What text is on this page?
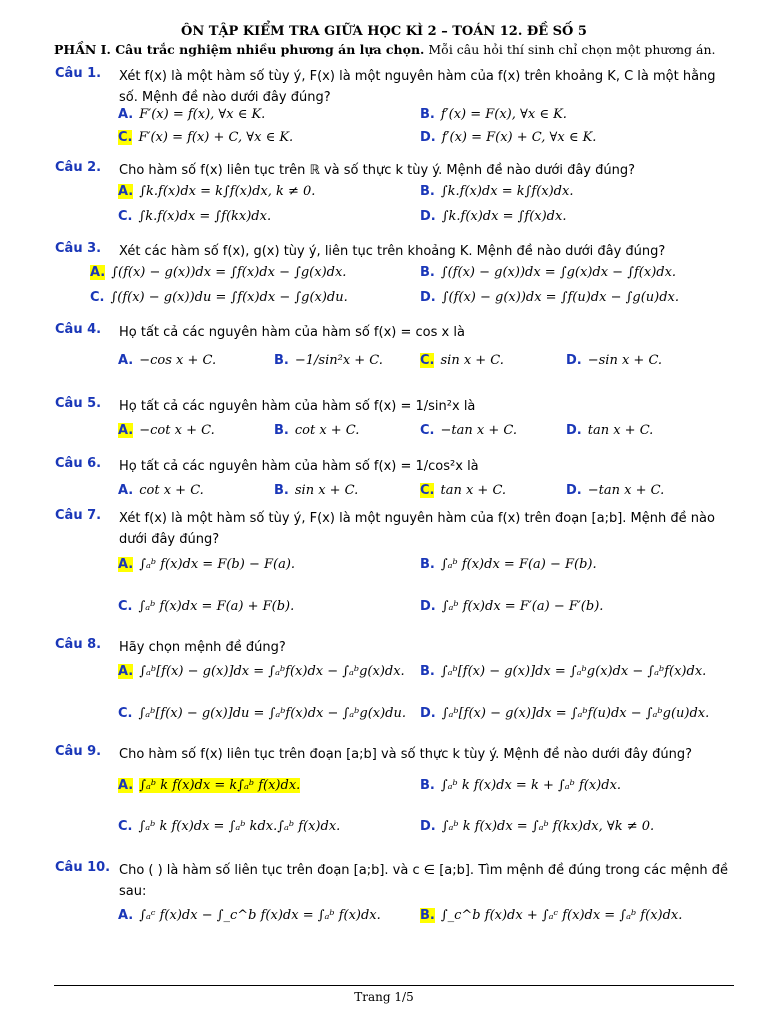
ÔN TẬP KIỂM TRA GIỮA HỌC KÌ 2 – TOÁN 12. ĐỀ SỐ 5
PHẦN I. Câu trắc nghiệm nhiều phương án lựa chọn. Mỗi câu hỏi thí sinh chỉ chọn một phương án.
Câu 1. Xét f(x) là một hàm số tùy ý, F(x) là một nguyên hàm của f(x) trên khoảng K, C là một hằng số. Mệnh đề nào dưới đây đúng?
A. F′(x) = f(x), ∀x ∈ K.	B. f′(x) = F(x), ∀x ∈ K.
C. F′(x) = f(x) + C, ∀x ∈ K.	D. f′(x) = F(x) + C, ∀x ∈ K.
Câu 2. Cho hàm số f(x) liên tục trên ℝ và số thực k tùy ý. Mệnh đề nào dưới đây đúng?
A. ∫k.f(x)dx = k∫f(x)dx, k ≠ 0.	B. ∫k.f(x)dx = k∫f(x)dx.
C. ∫k.f(x)dx = ∫f(kx)dx.	D. ∫k.f(x)dx = ∫f(x)dx.
Câu 3. Xét các hàm số f(x), g(x) tùy ý, liên tục trên khoảng K. Mệnh đề nào dưới đây đúng?
A. ∫(f(x) − g(x))dx = ∫f(x)dx − ∫g(x)dx.	B. ∫(f(x) − g(x))dx = ∫g(x)dx − ∫f(x)dx.
C. ∫(f(x) − g(x))du = ∫f(x)dx − ∫g(x)du.	D. ∫(f(x) − g(x))dx = ∫f(u)dx − ∫g(u)dx.
Câu 4. Họ tất cả các nguyên hàm của hàm số f(x) = cos x là
A. −cos x + C.	B. −1/sin²x + C.	C. sin x + C.	D. −sin x + C.
Câu 5. Họ tất cả các nguyên hàm của hàm số f(x) = 1/sin²x là
A. −cot x + C.	B. cot x + C.	C. −tan x + C.	D. tan x + C.
Câu 6. Họ tất cả các nguyên hàm của hàm số f(x) = 1/cos²x là
A. cot x + C.	B. sin x + C.	C. tan x + C.	D. −tan x + C.
Câu 7. Xét f(x) là một hàm số tùy ý, F(x) là một nguyên hàm của f(x) trên đoạn [a;b]. Mệnh đề nào dưới đây đúng?
A. ∫ₐᵇ f(x)dx = F(b) − F(a).	B. ∫ₐᵇ f(x)dx = F(a) − F(b).
C. ∫ₐᵇ f(x)dx = F(a) + F(b).	D. ∫ₐᵇ f(x)dx = F′(a) − F′(b).
Câu 8. Hãy chọn mệnh đề đúng?
A. ∫ₐᵇ[f(x) − g(x)]dx = ∫ₐᵇf(x)dx − ∫ₐᵇg(x)dx. B. ∫ₐᵇ[f(x) − g(x)]dx = ∫ₐᵇg(x)dx − ∫ₐᵇf(x)dx.
C. ∫ₐᵇ[f(x) − g(x)]du = ∫ₐᵇf(x)dx − ∫ₐᵇg(x)du. D. ∫ₐᵇ[f(x) − g(x)]dx = ∫ₐᵇf(u)dx − ∫ₐᵇg(u)dx.
Câu 9. Cho hàm số f(x) liên tục trên đoạn [a;b] và số thực k tùy ý. Mệnh đề nào dưới đây đúng?
A. ∫ₐᵇ k f(x)dx = k∫ₐᵇ f(x)dx.	B. ∫ₐᵇ k f(x)dx = k + ∫ₐᵇ f(x)dx.
C. ∫ₐᵇ k f(x)dx = ∫ₐᵇ kdx.∫ₐᵇ f(x)dx.	D. ∫ₐᵇ k f(x)dx = ∫ₐᵇ f(kx)dx, ∀k ≠ 0.
Câu 10. Cho ( ) là hàm số liên tục trên đoạn [a;b]. và c ∈ [a;b]. Tìm mệnh đề đúng trong các mệnh đề sau:
A. ∫ₐᶜ f(x)dx − ∫_c^b f(x)dx = ∫ₐᵇ f(x)dx.	B. ∫_c^b f(x)dx + ∫ₐᶜ f(x)dx = ∫ₐᵇ f(x)dx.
Trang 1/5
